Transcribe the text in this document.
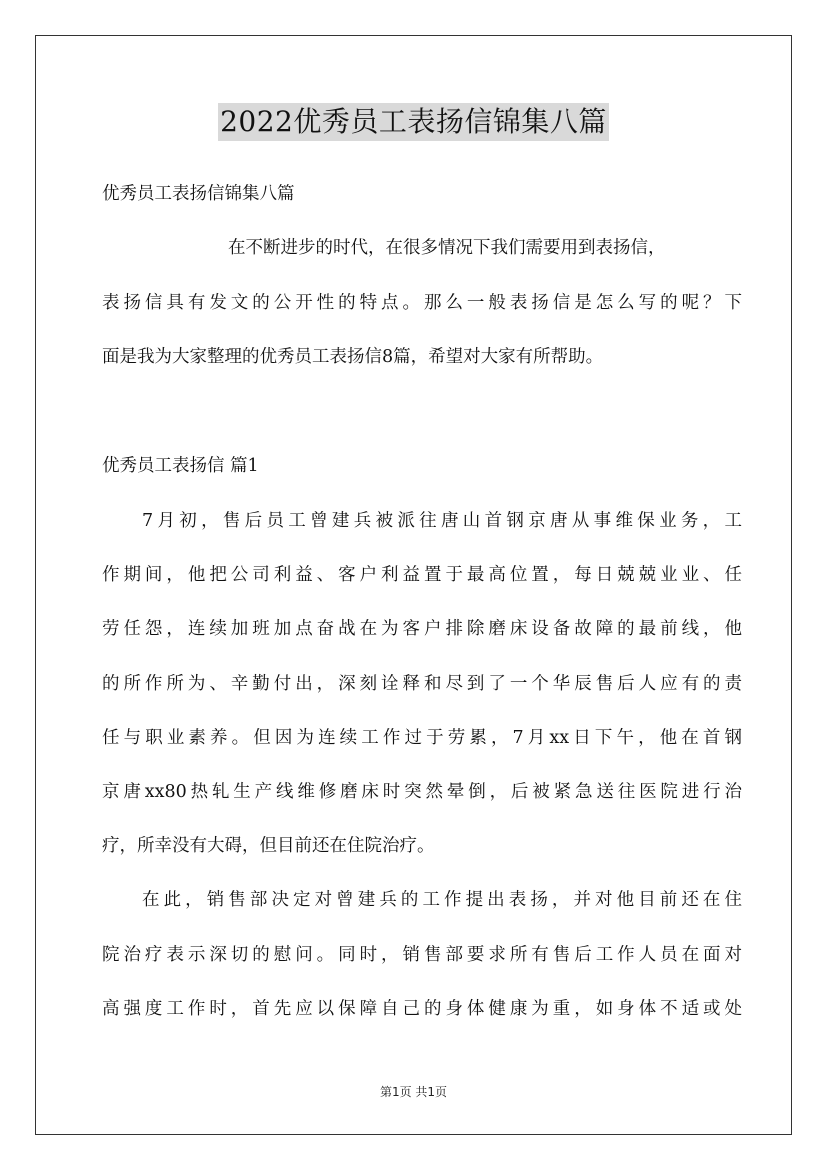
2022优秀员工表扬信锦集八篇
优秀员工表扬信锦集八篇
在不断进步的时代，在很多情况下我们需要用到表扬信，
表扬信具有发文的公开性的特点。那么一般表扬信是怎么写的呢？下
面是我为大家整理的优秀员工表扬信8篇，希望对大家有所帮助。
优秀员工表扬信 篇1
7月初，售后员工曾建兵被派往唐山首钢京唐从事维保业务，工
作期间，他把公司利益、客户利益置于最高位置，每日兢兢业业、任
劳任怨，连续加班加点奋战在为客户排除磨床设备故障的最前线，他
的所作所为、辛勤付出，深刻诠释和尽到了一个华辰售后人应有的责
任与职业素养。但因为连续工作过于劳累，7月xx日下午，他在首钢
京唐xx80热轧生产线维修磨床时突然晕倒，后被紧急送往医院进行治
疗，所幸没有大碍，但目前还在住院治疗。
在此，销售部决定对曾建兵的工作提出表扬，并对他目前还在住
院治疗表示深切的慰问。同时，销售部要求所有售后工作人员在面对
高强度工作时，首先应以保障自己的身体健康为重，如身体不适或处
第1页 共1页
